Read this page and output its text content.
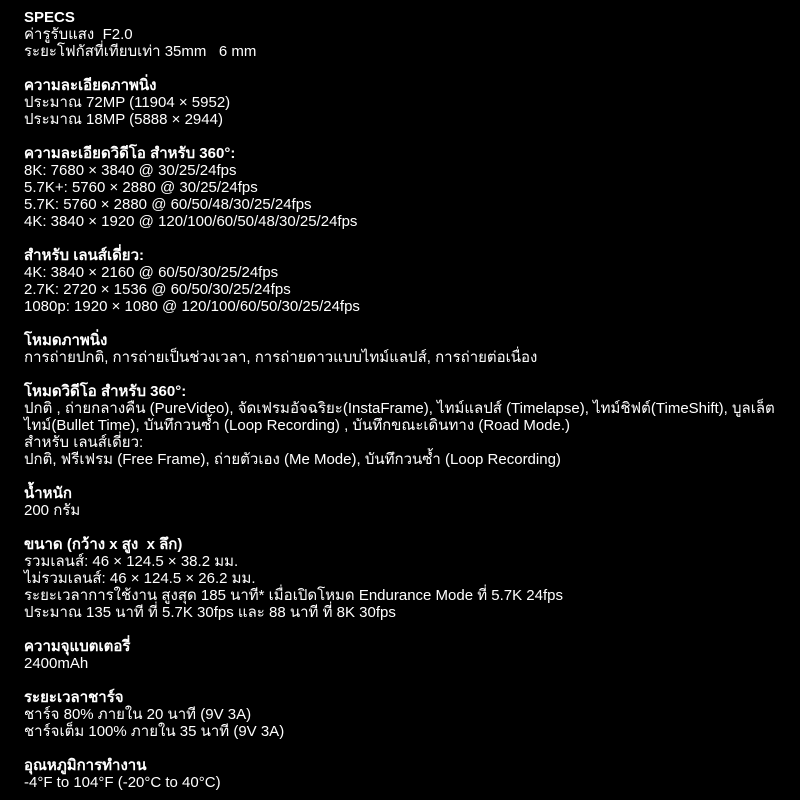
SPECS
ค่ารูรับแสง  F2.0
ระยะโฟกัสที่เทียบเท่า 35mm   6 mm
ความละเอียดภาพนิ่ง
ประมาณ 72MP (11904 × 5952)
ประมาณ 18MP (5888 × 2944)
ความละเอียดวิดีโอ สำหรับ 360°:
8K: 7680 × 3840 @ 30/25/24fps
5.7K+: 5760 × 2880 @ 30/25/24fps
5.7K: 5760 × 2880 @ 60/50/48/30/25/24fps
4K: 3840 × 1920 @ 120/100/60/50/48/30/25/24fps
สำหรับ เลนส์เดี่ยว:
4K: 3840 × 2160 @ 60/50/30/25/24fps
2.7K: 2720 × 1536 @ 60/50/30/25/24fps
1080p: 1920 × 1080 @ 120/100/60/50/30/25/24fps
โหมดภาพนิ่ง
การถ่ายปกติ, การถ่ายเป็นช่วงเวลา, การถ่ายดาวแบบไทม์แลปส์, การถ่ายต่อเนื่อง
โหมดวิดีโอ สำหรับ 360°:
ปกติ , ถ่ายกลางคืน (PureVideo), จัดเฟรมอัจฉริยะ(InstaFrame), ไทม์แลปส์ (Timelapse), ไทม์ชิฟต์(TimeShift), บูลเล็ต
ไทม์(Bullet Time), บันทึกวนซ้ำ (Loop Recording) , บันทึกขณะเดินทาง (Road Mode.)
สำหรับ เลนส์เดี่ยว:
ปกติ, ฟรีเฟรม (Free Frame), ถ่ายตัวเอง (Me Mode), บันทึกวนซ้ำ (Loop Recording)
น้ำหนัก
200 กรัม
ขนาด (กว้าง x สูง  x ลึก)
รวมเลนส์: 46 × 124.5 × 38.2 มม.
ไม่รวมเลนส์: 46 × 124.5 × 26.2 มม.
ระยะเวลาการใช้งาน สูงสุด 185 นาที* เมื่อเปิดโหมด Endurance Mode ที่ 5.7K 24fps
ประมาณ 135 นาที ที่ 5.7K 30fps และ 88 นาที ที่ 8K 30fps
ความจุแบตเตอรี่
2400mAh
ระยะเวลาชาร์จ
ชาร์จ 80% ภายใน 20 นาที (9V 3A)
ชาร์จเต็ม 100% ภายใน 35 นาที (9V 3A)
อุณหภูมิการทำงาน
-4°F to 104°F (-20°C to 40°C)
